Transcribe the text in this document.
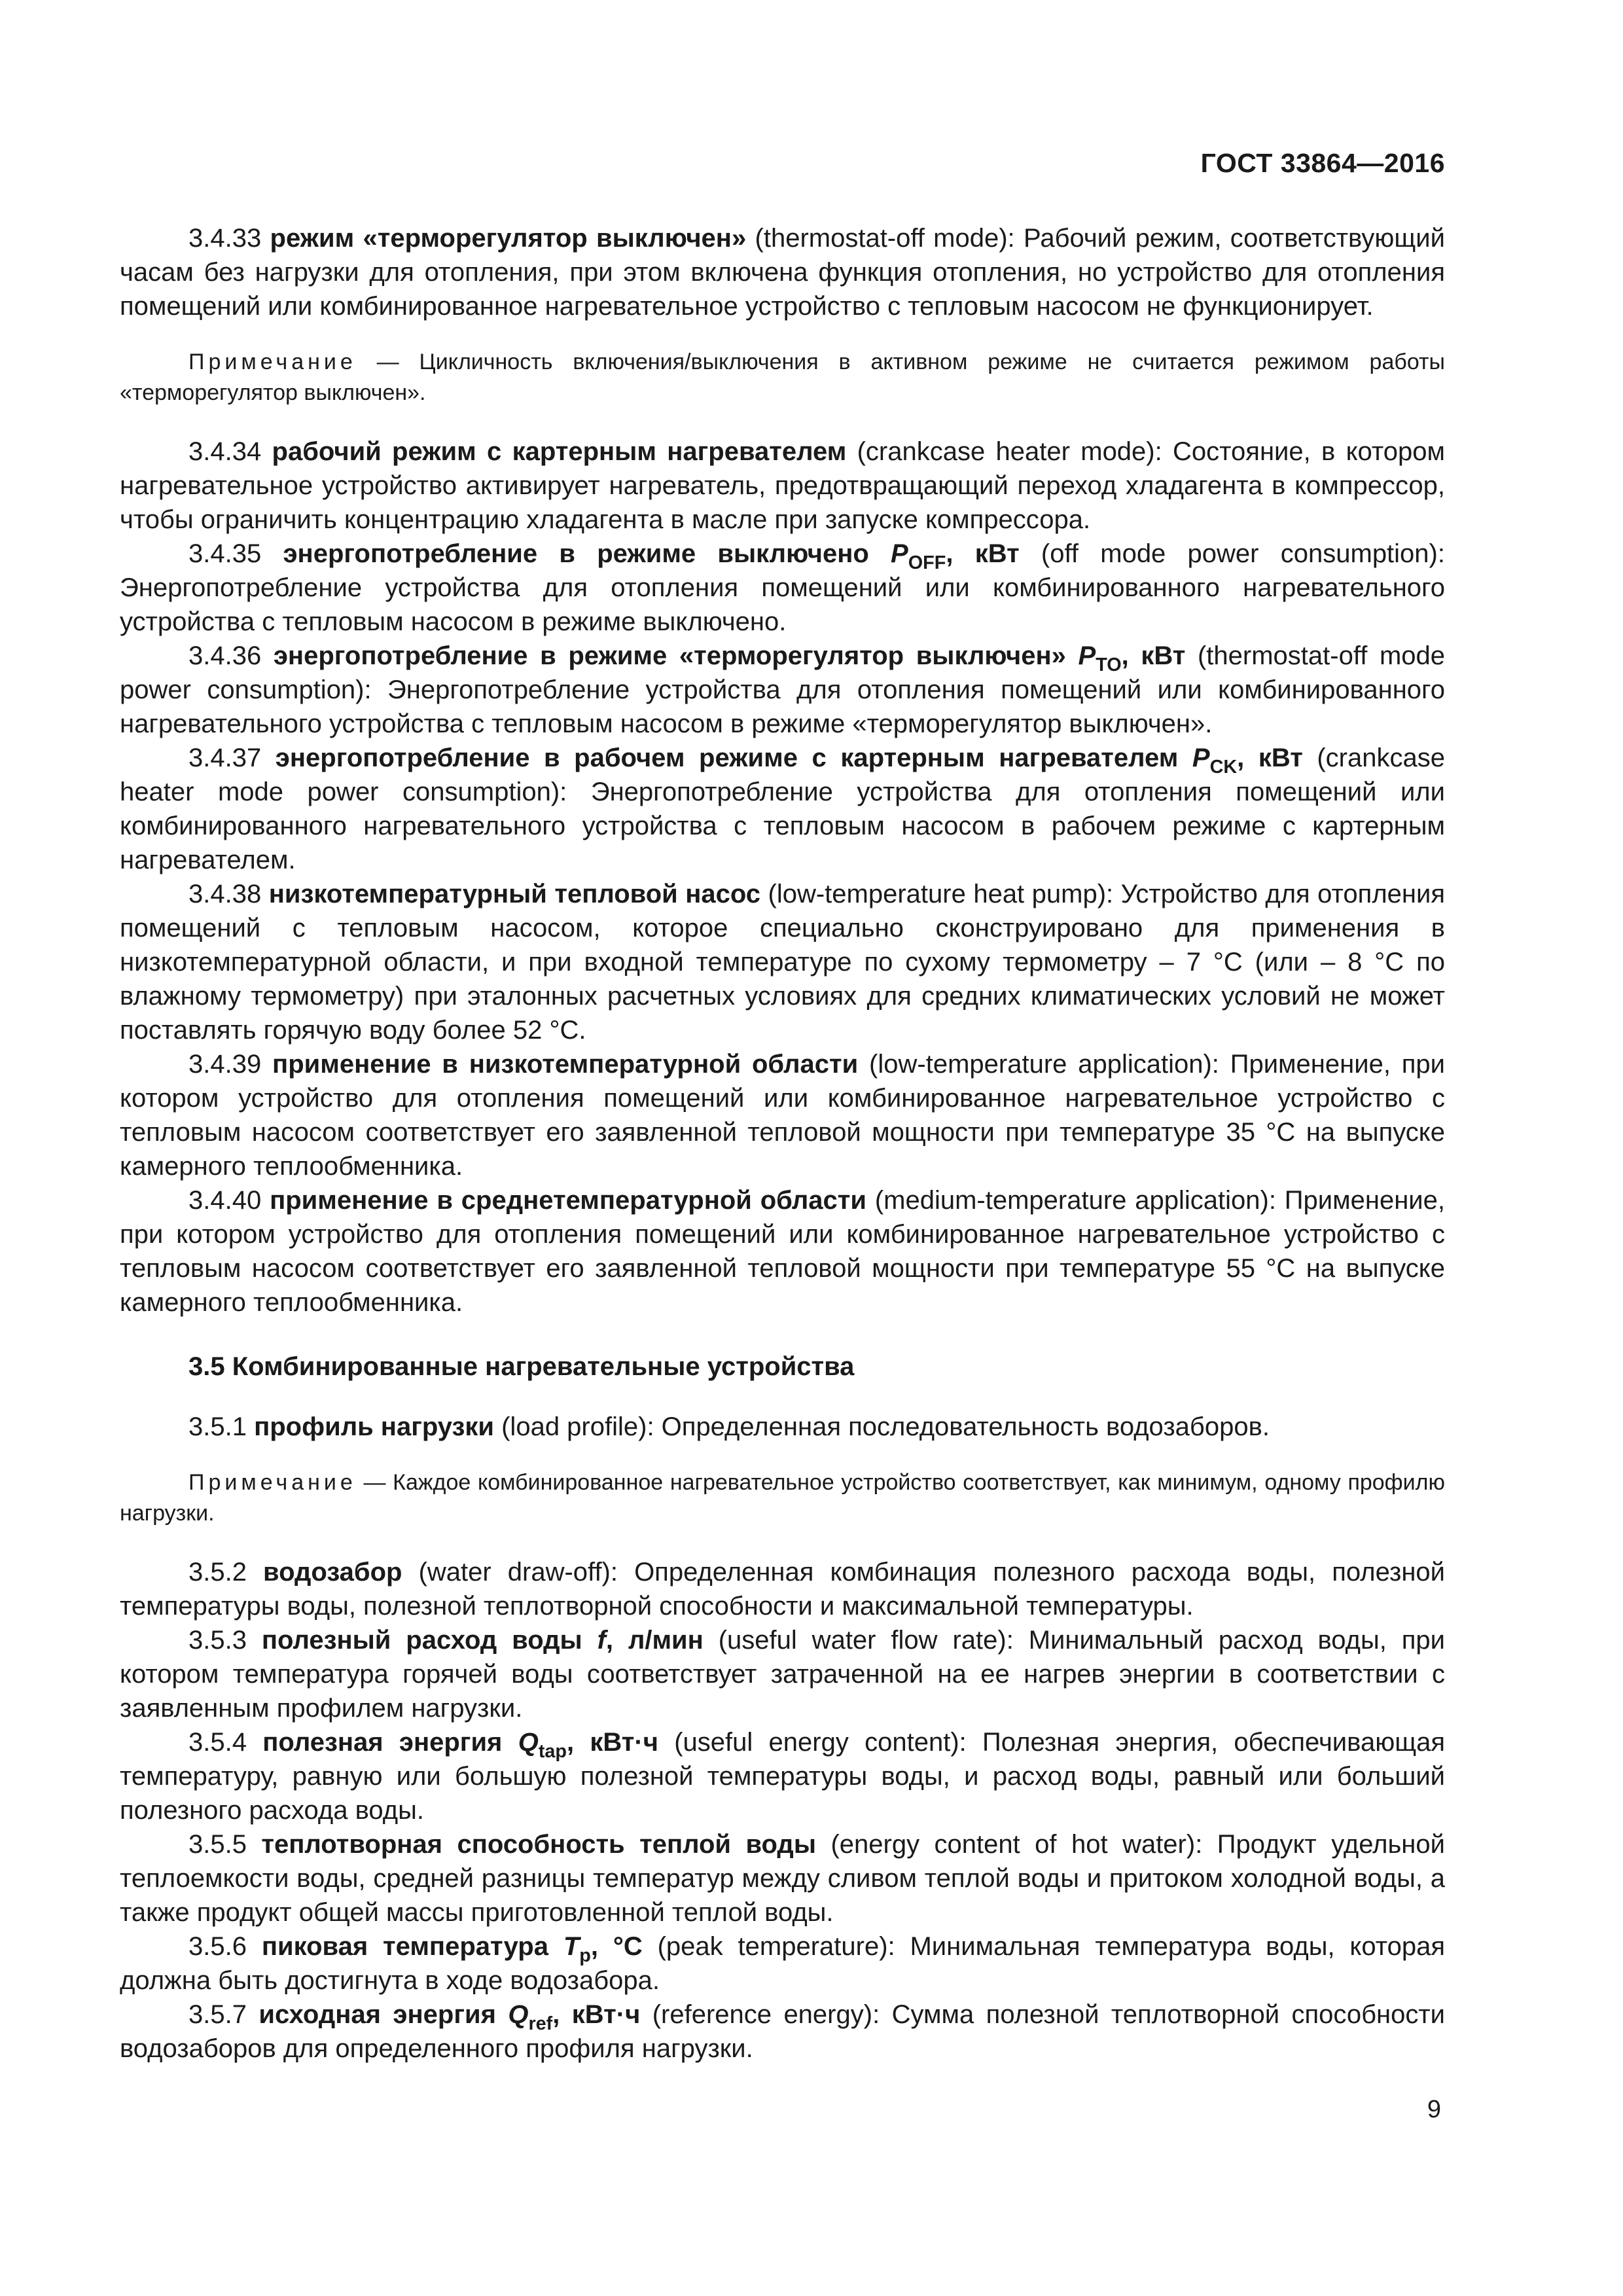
ГОСТ 33864—2016

3.4.33 режим «терморегулятор выключен» (thermostat-off mode): Рабочий режим, соответствующий часам без нагрузки для отопления, при этом включена функция отопления, но устройство для отопления помещений или комбинированное нагревательное устройство с тепловым насосом не функционирует.

Примечание — Цикличность включения/выключения в активном режиме не считается режимом работы «терморегулятор выключен».

3.4.34 рабочий режим с картерным нагревателем (crankcase heater mode): Состояние, в котором нагревательное устройство активирует нагреватель, предотвращающий переход хладагента в компрессор, чтобы ограничить концентрацию хладагента в масле при запуске компрессора.

3.4.35 энергопотребление в режиме выключено $P_{OFF}$, кВт (off mode power consumption): Энергопотребление устройства для отопления помещений или комбинированного нагревательного устройства с тепловым насосом в режиме выключено.

3.4.36 энергопотребление в режиме «терморегулятор выключен» $P_{TO}$, кВт (thermostat-off mode power consumption): Энергопотребление устройства для отопления помещений или комбинированного нагревательного устройства с тепловым насосом в режиме «терморегулятор выключен».

3.4.37 энергопотребление в рабочем режиме с картерным нагревателем $P_{CK}$, кВт (crankcase heater mode power consumption): Энергопотребление устройства для отопления помещений или комбинированного нагревательного устройства с тепловым насосом в рабочем режиме с картерным нагревателем.

3.4.38 низкотемпературный тепловой насос (low-temperature heat pump): Устройство для отопления помещений с тепловым насосом, которое специально сконструировано для применения в низкотемпературной области, и при входной температуре по сухому термометру – 7 °С (или – 8 °С по влажному термометру) при эталонных расчетных условиях для средних климатических условий не может поставлять горячую воду более 52 °С.

3.4.39 применение в низкотемпературной области (low-temperature application): Применение, при котором устройство для отопления помещений или комбинированное нагревательное устройство с тепловым насосом соответствует его заявленной тепловой мощности при температуре 35 °С на выпуске камерного теплообменника.

3.4.40 применение в среднетемпературной области (medium-temperature application): Применение, при котором устройство для отопления помещений или комбинированное нагревательное устройство с тепловым насосом соответствует его заявленной тепловой мощности при температуре 55 °С на выпуске камерного теплообменника.

3.5 Комбинированные нагревательные устройства

3.5.1 профиль нагрузки (load profile): Определенная последовательность водозаборов.

Примечание — Каждое комбинированное нагревательное устройство соответствует, как минимум, одному профилю нагрузки.

3.5.2 водозабор (water draw-off): Определенная комбинация полезного расхода воды, полезной температуры воды, полезной теплотворной способности и максимальной температуры.

3.5.3 полезный расход воды f, л/мин (useful water flow rate): Минимальный расход воды, при котором температура горячей воды соответствует затраченной на ее нагрев энергии в соответствии с заявленным профилем нагрузки.

3.5.4 полезная энергия $Q_{tap}$, кВт·ч (useful energy content): Полезная энергия, обеспечивающая температуру, равную или большую полезной температуры воды, и расход воды, равный или больший полезного расхода воды.

3.5.5 теплотворная способность теплой воды (energy content of hot water): Продукт удельной теплоемкости воды, средней разницы температур между сливом теплой воды и притоком холодной воды, а также продукт общей массы приготовленной теплой воды.

3.5.6 пиковая температура $T_p$, °С (peak temperature): Минимальная температура воды, которая должна быть достигнута в ходе водозабора.

3.5.7 исходная энергия $Q_{ref}$, кВт·ч (reference energy): Сумма полезной теплотворной способности водозаборов для определенного профиля нагрузки.

9
